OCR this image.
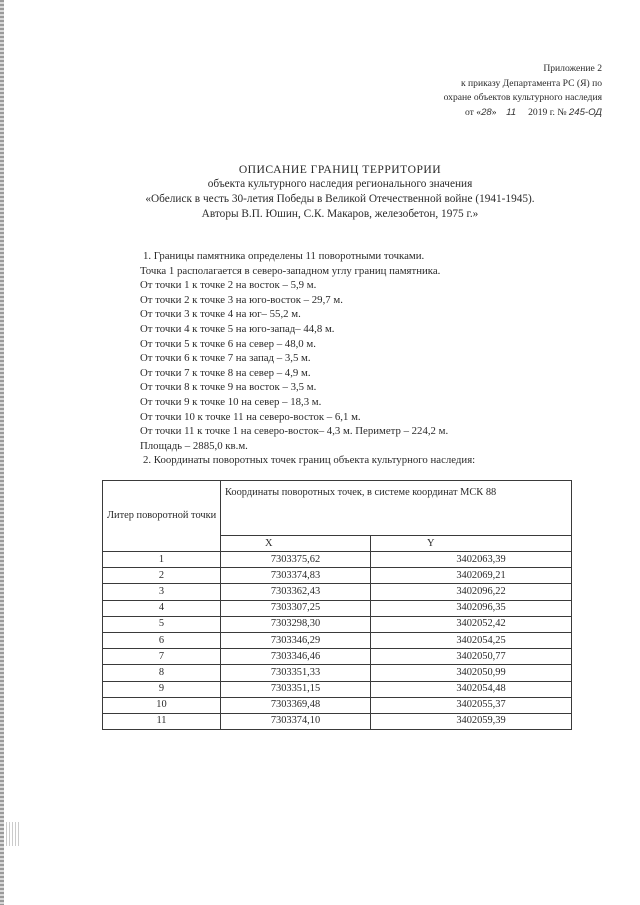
Приложение 2
к приказу Департамента РС (Я) по
охране объектов культурного наследия
от «28» 11 2019 г. № 245-ОД
ОПИСАНИЕ ГРАНИЦ ТЕРРИТОРИИ
объекта культурного наследия регионального значения
«Обелиск в честь 30-летия Победы в Великой Отечественной войне (1941-1945).
Авторы В.П. Юшин, С.К. Макаров, железобетон, 1975 г.»
1. Границы памятника определены 11 поворотными точками.
Точка 1 располагается в северо-западном углу границ памятника.
От точки 1 к точке 2 на восток – 5,9 м.
От точки 2 к точке 3 на юго-восток – 29,7 м.
От точки 3 к точке 4 на юг– 55,2 м.
От точки 4 к точке 5 на юго-запад– 44,8 м.
От точки 5 к точке 6 на север – 48,0 м.
От точки 6 к точке 7 на запад – 3,5 м.
От точки 7 к точке 8 на север – 4,9 м.
От точки 8 к точке 9 на восток – 3,5 м.
От точки 9 к точке 10 на север – 18,3 м.
От точки 10 к точке 11 на северо-восток – 6,1 м.
От точки 11 к точке 1 на северо-восток– 4,3 м. Периметр – 224,2 м.
Площадь – 2885,0 кв.м.
2. Координаты поворотных точек границ объекта культурного наследия:
Литер поворотной точки	Координаты поворотных точек, в системе координат МСК 88	
	X	Y
1	7303375,62	3402063,39
2	7303374,83	3402069,21
3	7303362,43	3402096,22
4	7303307,25	3402096,35
5	7303298,30	3402052,42
6	7303346,29	3402054,25
7	7303346,46	3402050,77
8	7303351,33	3402050,99
9	7303351,15	3402054,48
10	7303369,48	3402055,37
11	7303374,10	3402059,39
